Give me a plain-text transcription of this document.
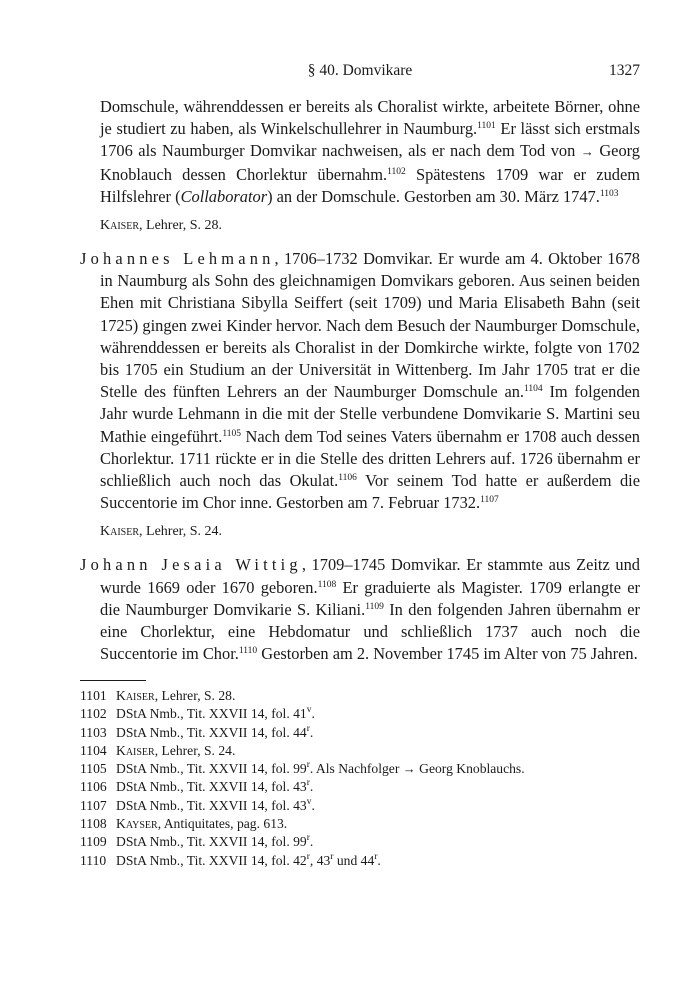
§ 40. Domvikare	1327

Domschule, währenddessen er bereits als Choralist wirkte, arbeitete Börner, ohne je studiert zu haben, als Winkelschullehrer in Naumburg.$^{1101}$ Er lässt sich erstmals 1706 als Naumburger Domvikar nachweisen, als er nach dem Tod von → Georg Knoblauch dessen Chorlektur übernahm.$^{1102}$ Spätestens 1709 war er zudem Hilfslehrer (Collaborator) an der Domschule. Gestorben am 30. März 1747.$^{1103}$

Kaiser, Lehrer, S. 28.

Johannes Lehmann, 1706–1732 Domvikar. Er wurde am 4. Oktober 1678 in Naumburg als Sohn des gleichnamigen Domvikars geboren. Aus seinen beiden Ehen mit Christiana Sibylla Seiffert (seit 1709) und Maria Elisabeth Bahn (seit 1725) gingen zwei Kinder hervor. Nach dem Besuch der Naumburger Domschule, währenddessen er bereits als Choralist in der Domkirche wirkte, folgte von 1702 bis 1705 ein Studium an der Universität in Wittenberg. Im Jahr 1705 trat er die Stelle des fünften Lehrers an der Naumburger Domschule an.$^{1104}$ Im folgenden Jahr wurde Lehmann in die mit der Stelle verbundene Domvikarie S. Martini seu Mathie eingeführt.$^{1105}$ Nach dem Tod seines Vaters übernahm er 1708 auch dessen Chorlektur. 1711 rückte er in die Stelle des dritten Lehrers auf. 1726 übernahm er schließlich auch noch das Okulat.$^{1106}$ Vor seinem Tod hatte er außerdem die Succentorie im Chor inne. Gestorben am 7. Februar 1732.$^{1107}$

Kaiser, Lehrer, S. 24.

Johann Jesaia Wittig, 1709–1745 Domvikar. Er stammte aus Zeitz und wurde 1669 oder 1670 geboren.$^{1108}$ Er graduierte als Magister. 1709 erlangte er die Naumburger Domvikarie S. Kiliani.$^{1109}$ In den folgenden Jahren übernahm er eine Chorlektur, eine Hebdomatur und schließlich 1737 auch noch die Succentorie im Chor.$^{1110}$ Gestorben am 2. November 1745 im Alter von 75 Jahren.

1101 Kaiser, Lehrer, S. 28.
1102 DStA Nmb., Tit. XXVII 14, fol. 41$^v$.
1103 DStA Nmb., Tit. XXVII 14, fol. 44$^r$.
1104 Kaiser, Lehrer, S. 24.
1105 DStA Nmb., Tit. XXVII 14, fol. 99$^r$. Als Nachfolger → Georg Knoblauchs.
1106 DStA Nmb., Tit. XXVII 14, fol. 43$^r$.
1107 DStA Nmb., Tit. XXVII 14, fol. 43$^v$.
1108 Kayser, Antiquitates, pag. 613.
1109 DStA Nmb., Tit. XXVII 14, fol. 99$^r$.
1110 DStA Nmb., Tit. XXVII 14, fol. 42$^r$, 43$^r$ und 44$^r$.
